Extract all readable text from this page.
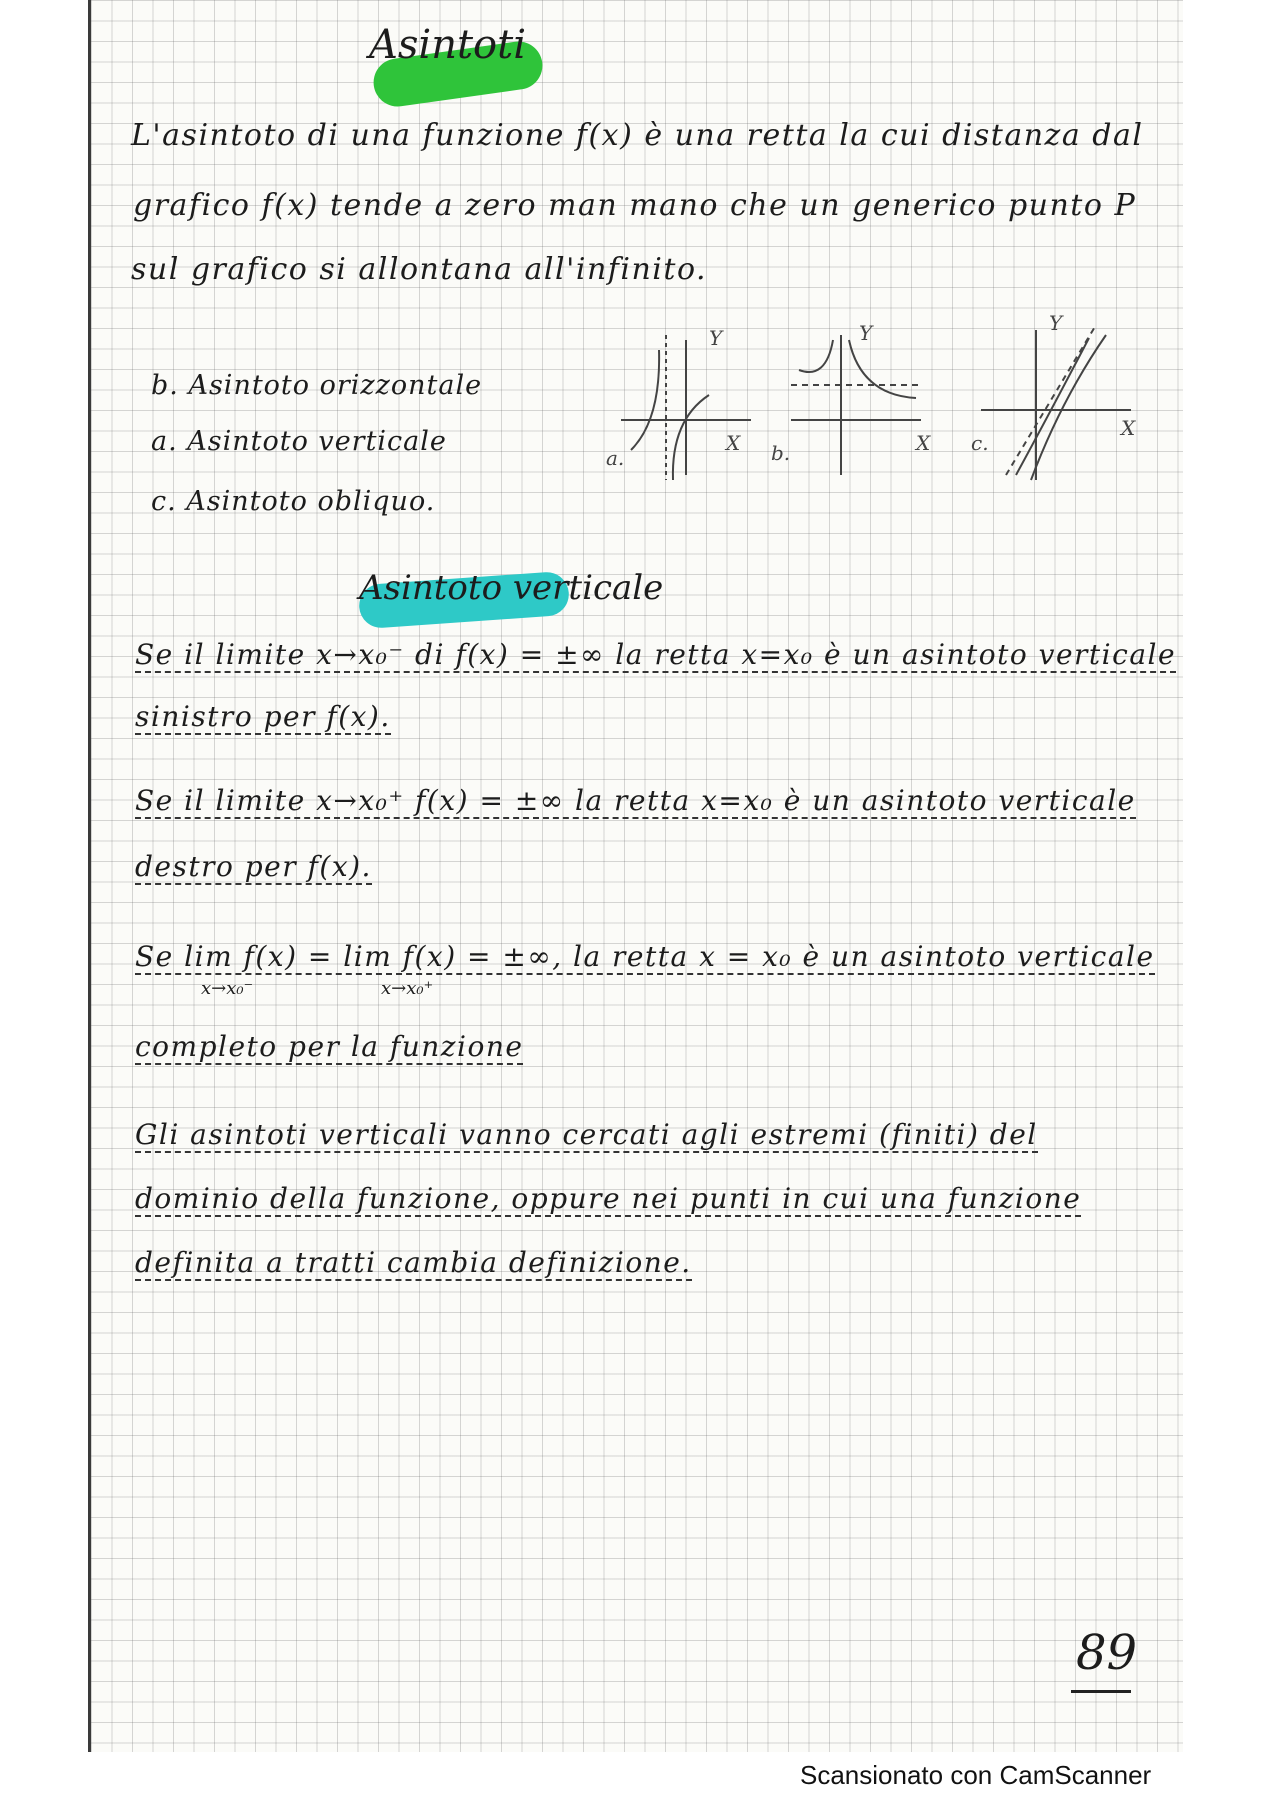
Asintoti
L'asintoto di una funzione f(x) è una retta la cui distanza dal
grafico f(x) tende a zero man mano che un generico punto P
sul grafico si allontana all'infinito.
b. Asintoto orizzontale
a. Asintoto verticale
c. Asintoto obliquo.
a.
X
Y
b.	X
Y
c.
X
Y
Asintoto verticale
Se il limite x→x₀⁻ di f(x) = ±∞ la retta x=x₀ è un asintoto verticale
sinistro per f(x).
Se il limite x→x₀⁺ f(x) = ±∞ la retta x=x₀ è un asintoto verticale
destro per f(x).
Se lim f(x) = lim f(x) = ±∞, la retta x = x₀ è un asintoto verticale
x→x₀⁻	x→x₀⁺
completo per la funzione
Gli asintoti verticali vanno cercati agli estremi (finiti) del
dominio della funzione, oppure nei punti in cui una funzione
definita a tratti cambia definizione.
89
Scansionato con CamScanner
